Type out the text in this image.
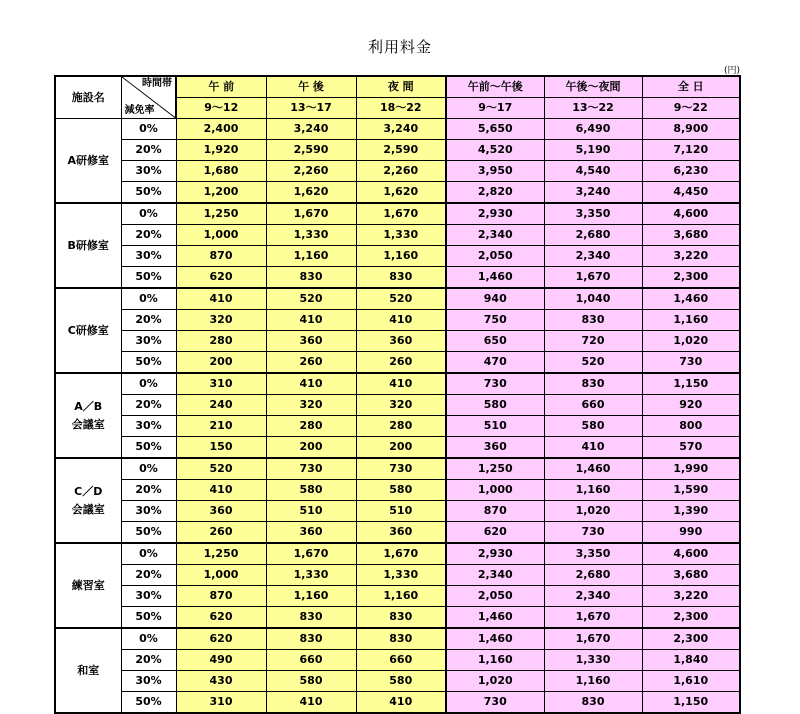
利用料金
(円)
施設名	時間帯
減免率	午 前	午 後	夜 間	午前～午後	午後～夜間	全 日
		9～12	13～17	18～22	9～17	13～22	9～22
A研修室	0%	2,400	3,240	3,240	5,650	6,490	8,900
	20%	1,920	2,590	2,590	4,520	5,190	7,120
	30%	1,680	2,260	2,260	3,950	4,540	6,230
	50%	1,200	1,620	1,620	2,820	3,240	4,450
B研修室	0%	1,250	1,670	1,670	2,930	3,350	4,600
	20%	1,000	1,330	1,330	2,340	2,680	3,680
	30%	870	1,160	1,160	2,050	2,340	3,220
	50%	620	830	830	1,460	1,670	2,300
C研修室	0%	410	520	520	940	1,040	1,460
	20%	320	410	410	750	830	1,160
	30%	280	360	360	650	720	1,020
	50%	200	260	260	470	520	730
A／B
会議室	0%	310	410	410	730	830	1,150
	20%	240	320	320	580	660	920
	30%	210	280	280	510	580	800
	50%	150	200	200	360	410	570
C／D
会議室	0%	520	730	730	1,250	1,460	1,990
	20%	410	580	580	1,000	1,160	1,590
	30%	360	510	510	870	1,020	1,390
	50%	260	360	360	620	730	990
練習室	0%	1,250	1,670	1,670	2,930	3,350	4,600
	20%	1,000	1,330	1,330	2,340	2,680	3,680
	30%	870	1,160	1,160	2,050	2,340	3,220
	50%	620	830	830	1,460	1,670	2,300
和室	0%	620	830	830	1,460	1,670	2,300
	20%	490	660	660	1,160	1,330	1,840
	30%	430	580	580	1,020	1,160	1,610
	50%	310	410	410	730	830	1,150
